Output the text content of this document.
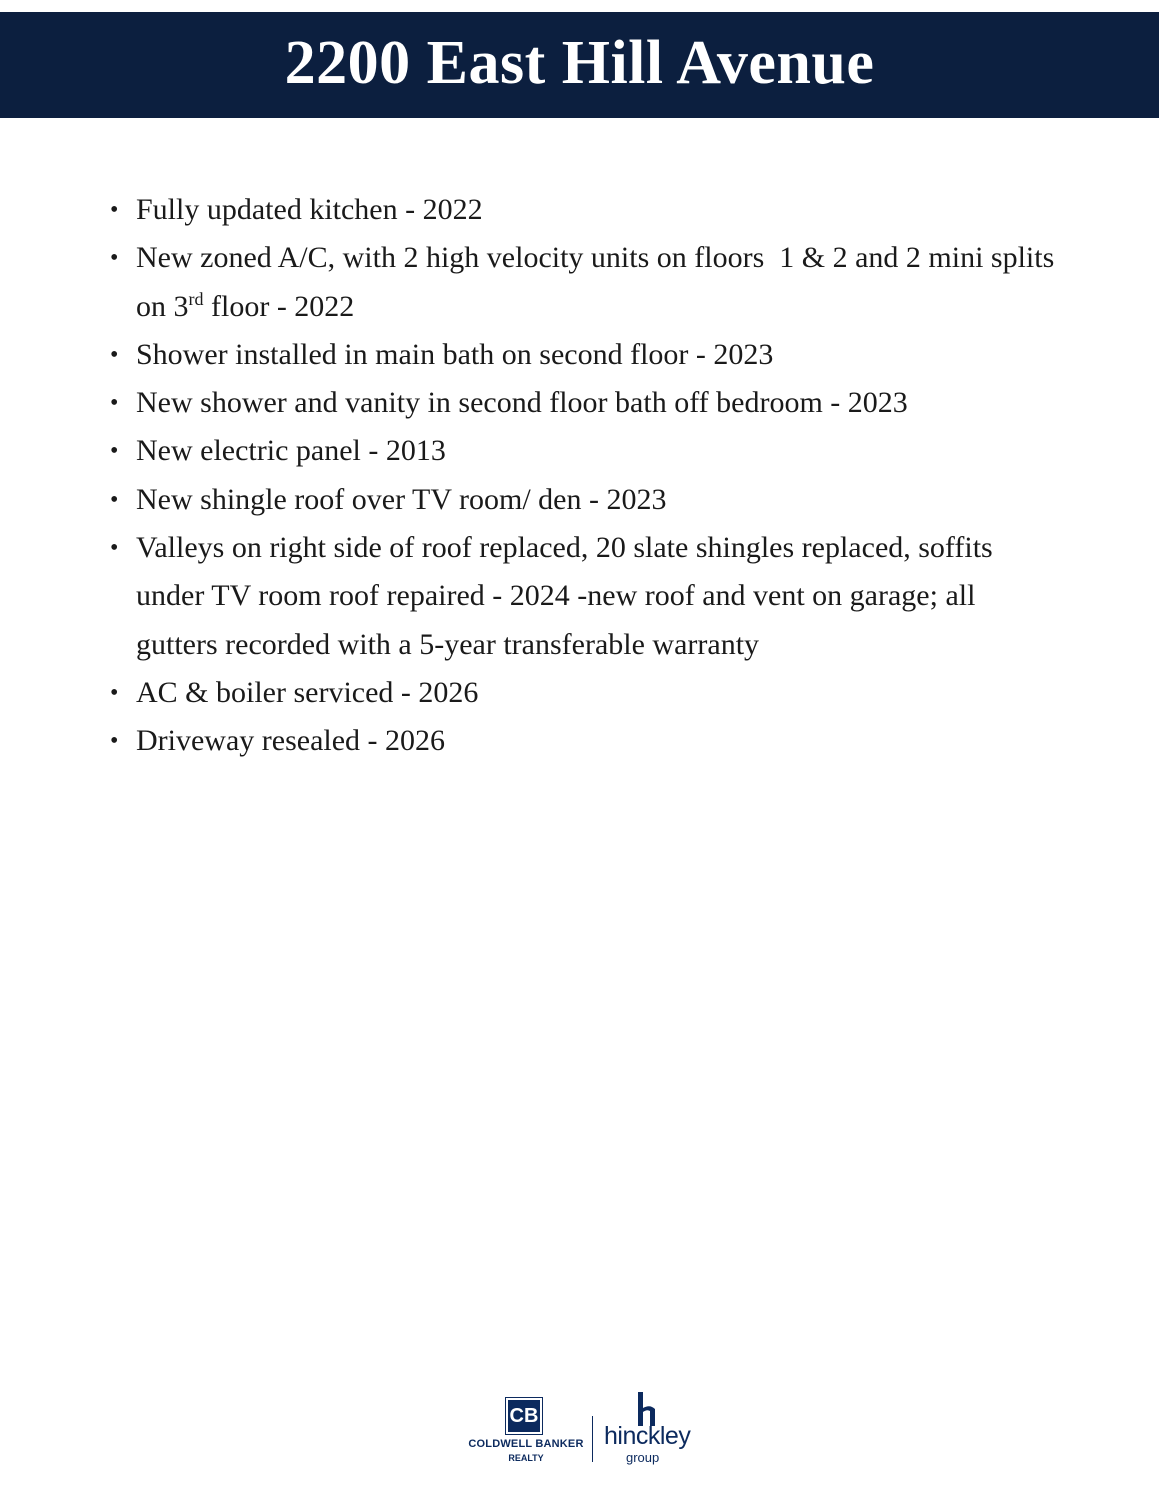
2200 East Hill Avenue
• Fully updated kitchen - 2022
• New zoned A/C, with 2 high velocity units on floors  1 & 2 and 2 mini splits on 3rd floor - 2022
• Shower installed in main bath on second floor - 2023
• New shower and vanity in second floor bath off bedroom - 2023
• New electric panel - 2013
• New shingle roof over TV room/ den - 2023
• Valleys on right side of roof replaced, 20 slate shingles replaced, soffits under TV room roof repaired - 2024 -new roof and vent on garage; all gutters recorded with a 5-year transferable warranty
• AC & boiler serviced - 2026
• Driveway resealed - 2026
CB
COLDWELL BANKER
REALTY
hinckley
group
